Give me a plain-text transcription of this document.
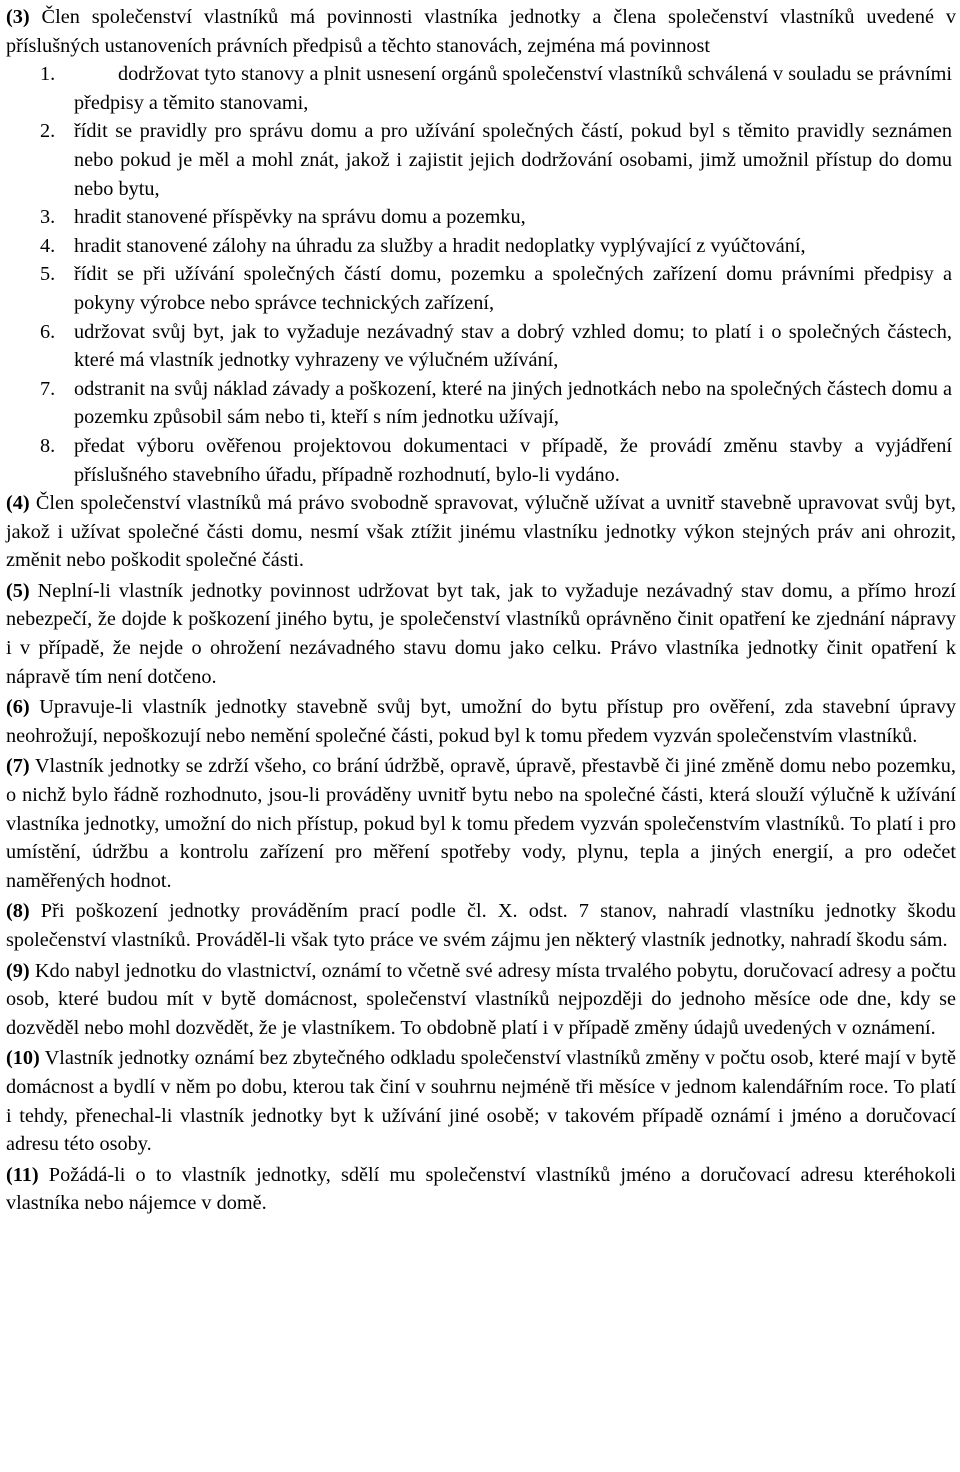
(3) Člen společenství vlastníků má povinnosti vlastníka jednotky a člena společenství vlastníků uvedené v příslušných ustanoveních právních předpisů a těchto stanovách, zejména má povinnost

1.	dodržovat tyto stanovy a plnit usnesení orgánů společenství vlastníků schválená v souladu se právními předpisy a těmito stanovami,
2. řídit se pravidly pro správu domu a pro užívání společných částí, pokud byl s těmito pravidly seznámen nebo pokud je měl a mohl znát, jakož i zajistit jejich dodržování osobami, jimž umožnil přístup do domu nebo bytu,
3. hradit stanovené příspěvky na správu domu a pozemku,
4. hradit stanovené zálohy na úhradu za služby a hradit nedoplatky vyplývající z vyúčtování,
5. řídit se při užívání společných částí domu, pozemku a společných zařízení domu právními předpisy a pokyny výrobce nebo správce technických zařízení,
6. udržovat svůj byt, jak to vyžaduje nezávadný stav a dobrý vzhled domu; to platí i o společných částech, které má vlastník jednotky vyhrazeny ve výlučném užívání,
7. odstranit na svůj náklad závady a poškození, které na jiných jednotkách nebo na společných částech domu a pozemku způsobil sám nebo ti, kteří s ním jednotku užívají,
8. předat výboru ověřenou projektovou dokumentaci v případě, že provádí změnu stavby a vyjádření příslušného stavebního úřadu, případně rozhodnutí, bylo-li vydáno.

(4) Člen společenství vlastníků má právo svobodně spravovat, výlučně užívat a uvnitř stavebně upravovat svůj byt, jakož i užívat společné části domu, nesmí však ztížit jinému vlastníku jednotky výkon stejných práv ani ohrozit, změnit nebo poškodit společné části.

(5) Neplní-li vlastník jednotky povinnost udržovat byt tak, jak to vyžaduje nezávadný stav domu, a přímo hrozí nebezpečí, že dojde k poškození jiného bytu, je společenství vlastníků oprávněno činit opatření ke zjednání nápravy i v případě, že nejde o ohrožení nezávadného stavu domu jako celku. Právo vlastníka jednotky činit opatření k nápravě tím není dotčeno.

(6) Upravuje-li vlastník jednotky stavebně svůj byt, umožní do bytu přístup pro ověření, zda stavební úpravy neohrožují, nepoškozují nebo nemění společné části, pokud byl k tomu předem vyzván společenstvím vlastníků.

(7) Vlastník jednotky se zdrží všeho, co brání údržbě, opravě, úpravě, přestavbě či jiné změně domu nebo pozemku, o nichž bylo řádně rozhodnuto, jsou-li prováděny uvnitř bytu nebo na společné části, která slouží výlučně k užívání vlastníka jednotky, umožní do nich přístup, pokud byl k tomu předem vyzván společenstvím vlastníků. To platí i pro umístění, údržbu a kontrolu zařízení pro měření spotřeby vody, plynu, tepla a jiných energií, a pro odečet naměřených hodnot.

(8) Při poškození jednotky prováděním prací podle čl. X. odst. 7 stanov, nahradí vlastníku jednotky škodu společenství vlastníků. Prováděl-li však tyto práce ve svém zájmu jen některý vlastník jednotky, nahradí škodu sám.

(9) Kdo nabyl jednotku do vlastnictví, oznámí to včetně své adresy místa trvalého pobytu, doručovací adresy a počtu osob, které budou mít v bytě domácnost, společenství vlastníků nejpozději do jednoho měsíce ode dne, kdy se dozvěděl nebo mohl dozvědět, že je vlastníkem. To obdobně platí i v případě změny údajů uvedených v oznámení.

(10) Vlastník jednotky oznámí bez zbytečného odkladu společenství vlastníků změny v počtu osob, které mají v bytě domácnost a bydlí v něm po dobu, kterou tak činí v souhrnu nejméně tři měsíce v jednom kalendářním roce. To platí i tehdy, přenechal-li vlastník jednotky byt k užívání jiné osobě; v takovém případě oznámí i jméno a doručovací adresu této osoby.

(11) Požádá-li o to vlastník jednotky, sdělí mu společenství vlastníků jméno a doručovací adresu kteréhokoli vlastníka nebo nájemce v domě.
